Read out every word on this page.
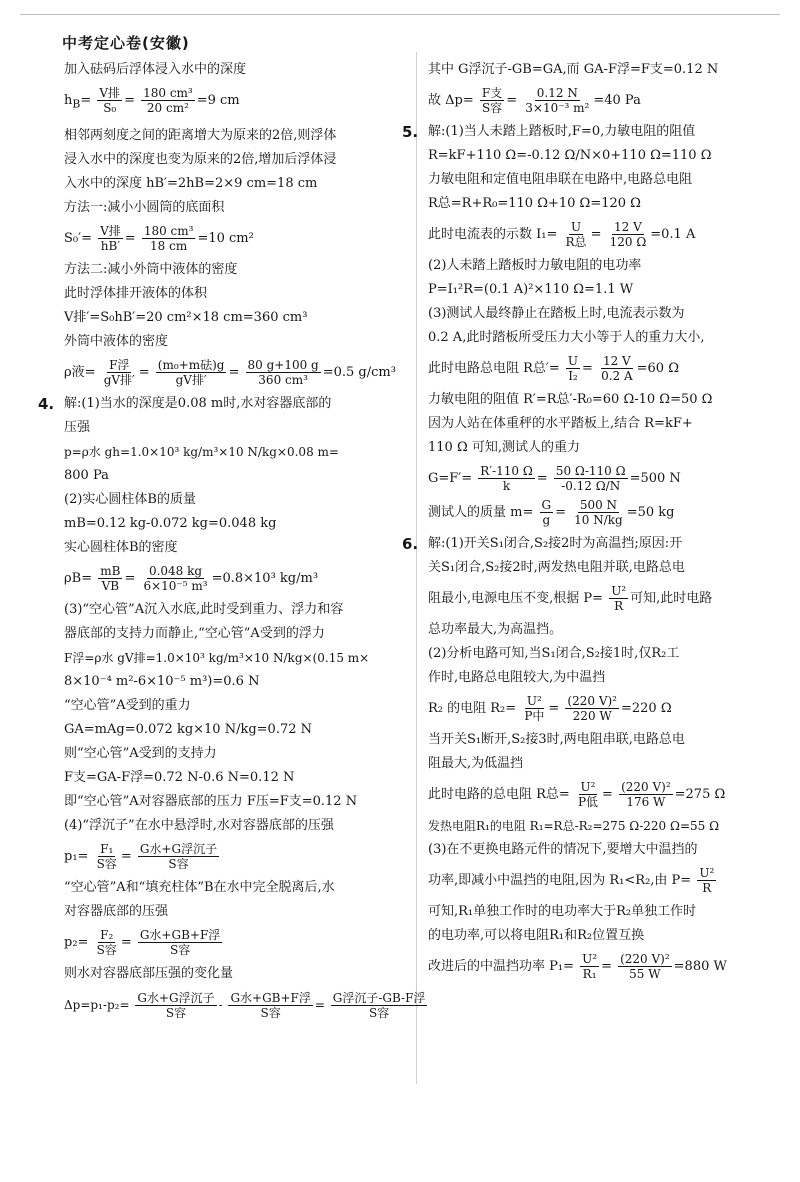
中考定心卷(安徽)

加入砝码后浮体浸入水中的深度

$h_B= \frac{\text{V排}}{\text{S₀}} = \frac{\text{180 cm³}}{\text{20 cm²}} =9$ cm

相邻两刻度之间的距离增大为原来的2倍,则浮体

浸入水中的深度也变为原来的2倍,增加后浮体浸

入水中的深度 hB′=2hB=2×9 cm=18 cm

方法一:减小小圆筒的底面积

$S_0'= \frac{\text{V排}}{hB'} = \frac{\text{180 cm³}}{18 cm} =10$ cm²

方法二:减小外筒中液体的密度

此时浮体排开液体的体积

V排′=S₀hB′=20 cm²×18 cm=360 cm³

外筒中液体的密度

ρ液= $\frac{\text{F浮}}{\text{gV排′}} = \frac{\text{(m₀+m砝)g}}{\text{gV排′}} = \frac{80 g+100 g}{\text{360 cm³}} =0.5$ g/cm³
4. 解:(1)当水的深度是0.08 m时,水对容器底部的

压强

p=ρ水 gh=1.0×10³ kg/m³×10 N/kg×0.08 m=

800 Pa

(2)实心圆柱体B的质量

mB=0.12 kg-0.072 kg=0.048 kg

实心圆柱体B的密度

$\rho B= \frac{mB}{VB} = \frac{0.048 kg}{\text{6×10⁻⁵ m³}} =0.8\times 10^3$ kg/m³

(3)“空心管”A沉入水底,此时受到重力、浮力和容

器底部的支持力而静止,“空心管”A受到的浮力

F浮=ρ水 gV排=1.0×10³ kg/m³×10 N/kg×(0.15 m×

8×10⁻⁴ m²-6×10⁻⁵ m³)=0.6 N

“空心管”A受到的重力

GA=mAg=0.072 kg×10 N/kg=0.72 N

则“空心管”A受到的支持力

F支=GA-F浮=0.72 N-0.6 N=0.12 N

即“空心管”A对容器底部的压力 F压=F支=0.12 N

(4)“浮沉子”在水中悬浮时,水对容器底部的压强

$p_1= \frac{\text{F₁}}{\text{S容}} = \frac{\text{G水+G浮沉子}}{\text{S容}}$

“空心管”A和“填充柱体”B在水中完全脱离后,水

对容器底部的压强

$p_2= \frac{\text{F₂}}{\text{S容}} = \frac{\text{G水+GB+F浮}}{\text{S容}}$

则水对容器底部压强的变化量

$\Delta p=p_1-p_2= \frac{\text{G水+G浮沉子}}{\text{S容}} - \frac{\text{G水+GB+F浮}}{\text{S容}} = \frac{\text{G浮沉子-GB-F浮}}{\text{S容}}$

其中 G浮沉子-GB=GA,而 GA-F浮=F支=0.12 N

故 $\Delta p= \frac{\text{F支}}{\text{S容}} = \frac{0.12 N}{\text{3×10⁻³ m²}} =40$ Pa
5. 解:(1)当人未踏上踏板时,F=0,力敏电阻的阻值

R=kF+110 Ω=-0.12 Ω/N×0+110 Ω=110 Ω

力敏电阻和定值电阻串联在电路中,电路总电阻

R总=R+R₀=110 Ω+10 Ω=120 Ω

此时电流表的示数 $I_1= \frac{U}{\text{R总}} = \frac{12 V}{120 \Omega} =0.1$ A

(2)人未踏上踏板时力敏电阻的电功率

P=I₁²R=(0.1 A)²×110 Ω=1.1 W

(3)测试人最终静止在踏板上时,电流表示数为

0.2 A,此时踏板所受压力大小等于人的重力大小,

此时电路总电阻 R总′= $\frac{U}{\text{I₂}} = \frac{12 V}{0.2 A} =60$ Ω

力敏电阻的阻值 R′=R总′-R₀=60 Ω-10 Ω=50 Ω

因为人站在体重秤的水平踏板上,结合 R=kF+

110 Ω 可知,测试人的重力

$G=F'= \frac{R'-110 \Omega}{k} = \frac{50 \Omega-110 \Omega}{-0.12 \Omega/N} =500$ N
测试人的质量 $m= \frac{G}{g} = \frac{500 N}{10 N/kg} =50$ kg
6. 解:(1)开关S₁闭合,S₂接2时为高温挡;原因:开

关S₁闭合,S₂接2时,两发热电阻并联,电路总电

阻最小,电源电压不变,根据 $P= \frac{\text{U²}}{R}$ 可知,此时电路

总功率最大,为高温挡。

(2)分析电路可知,当S₁闭合,S₂接1时,仅R₂工

作时,电路总电阻较大,为中温挡

R₂ 的电阻 $R_2= \frac{\text{U²}}{\text{P中}} = \frac{\text{(220 V)²}}{220 W} =220$ Ω

当开关S₁断开,S₂接3时,两电阻串联,电路总电

阻最大,为低温挡

此时电路的总电阻 R总= $\frac{\text{U²}}{\text{P低}} = \frac{\text{(220 V)²}}{176 W} =275$ Ω

发热电阻R₁的电阻 R₁=R总-R₂=275 Ω-220 Ω=55 Ω

(3)在不更换电路元件的情况下,要增大中温挡的

功率,即减小中温挡的电阻,因为 R₁<R₂,由 $P= \frac{\text{U²}}{R}$

可知,R₁单独工作时的电功率大于R₂单独工作时

的电功率,可以将电阻R₁和R₂位置互换

改进后的中温挡功率 $P_1= \frac{\text{U²}}{\text{R₁}} = \frac{\text{(220 V)²}}{55 W} =880$ W
